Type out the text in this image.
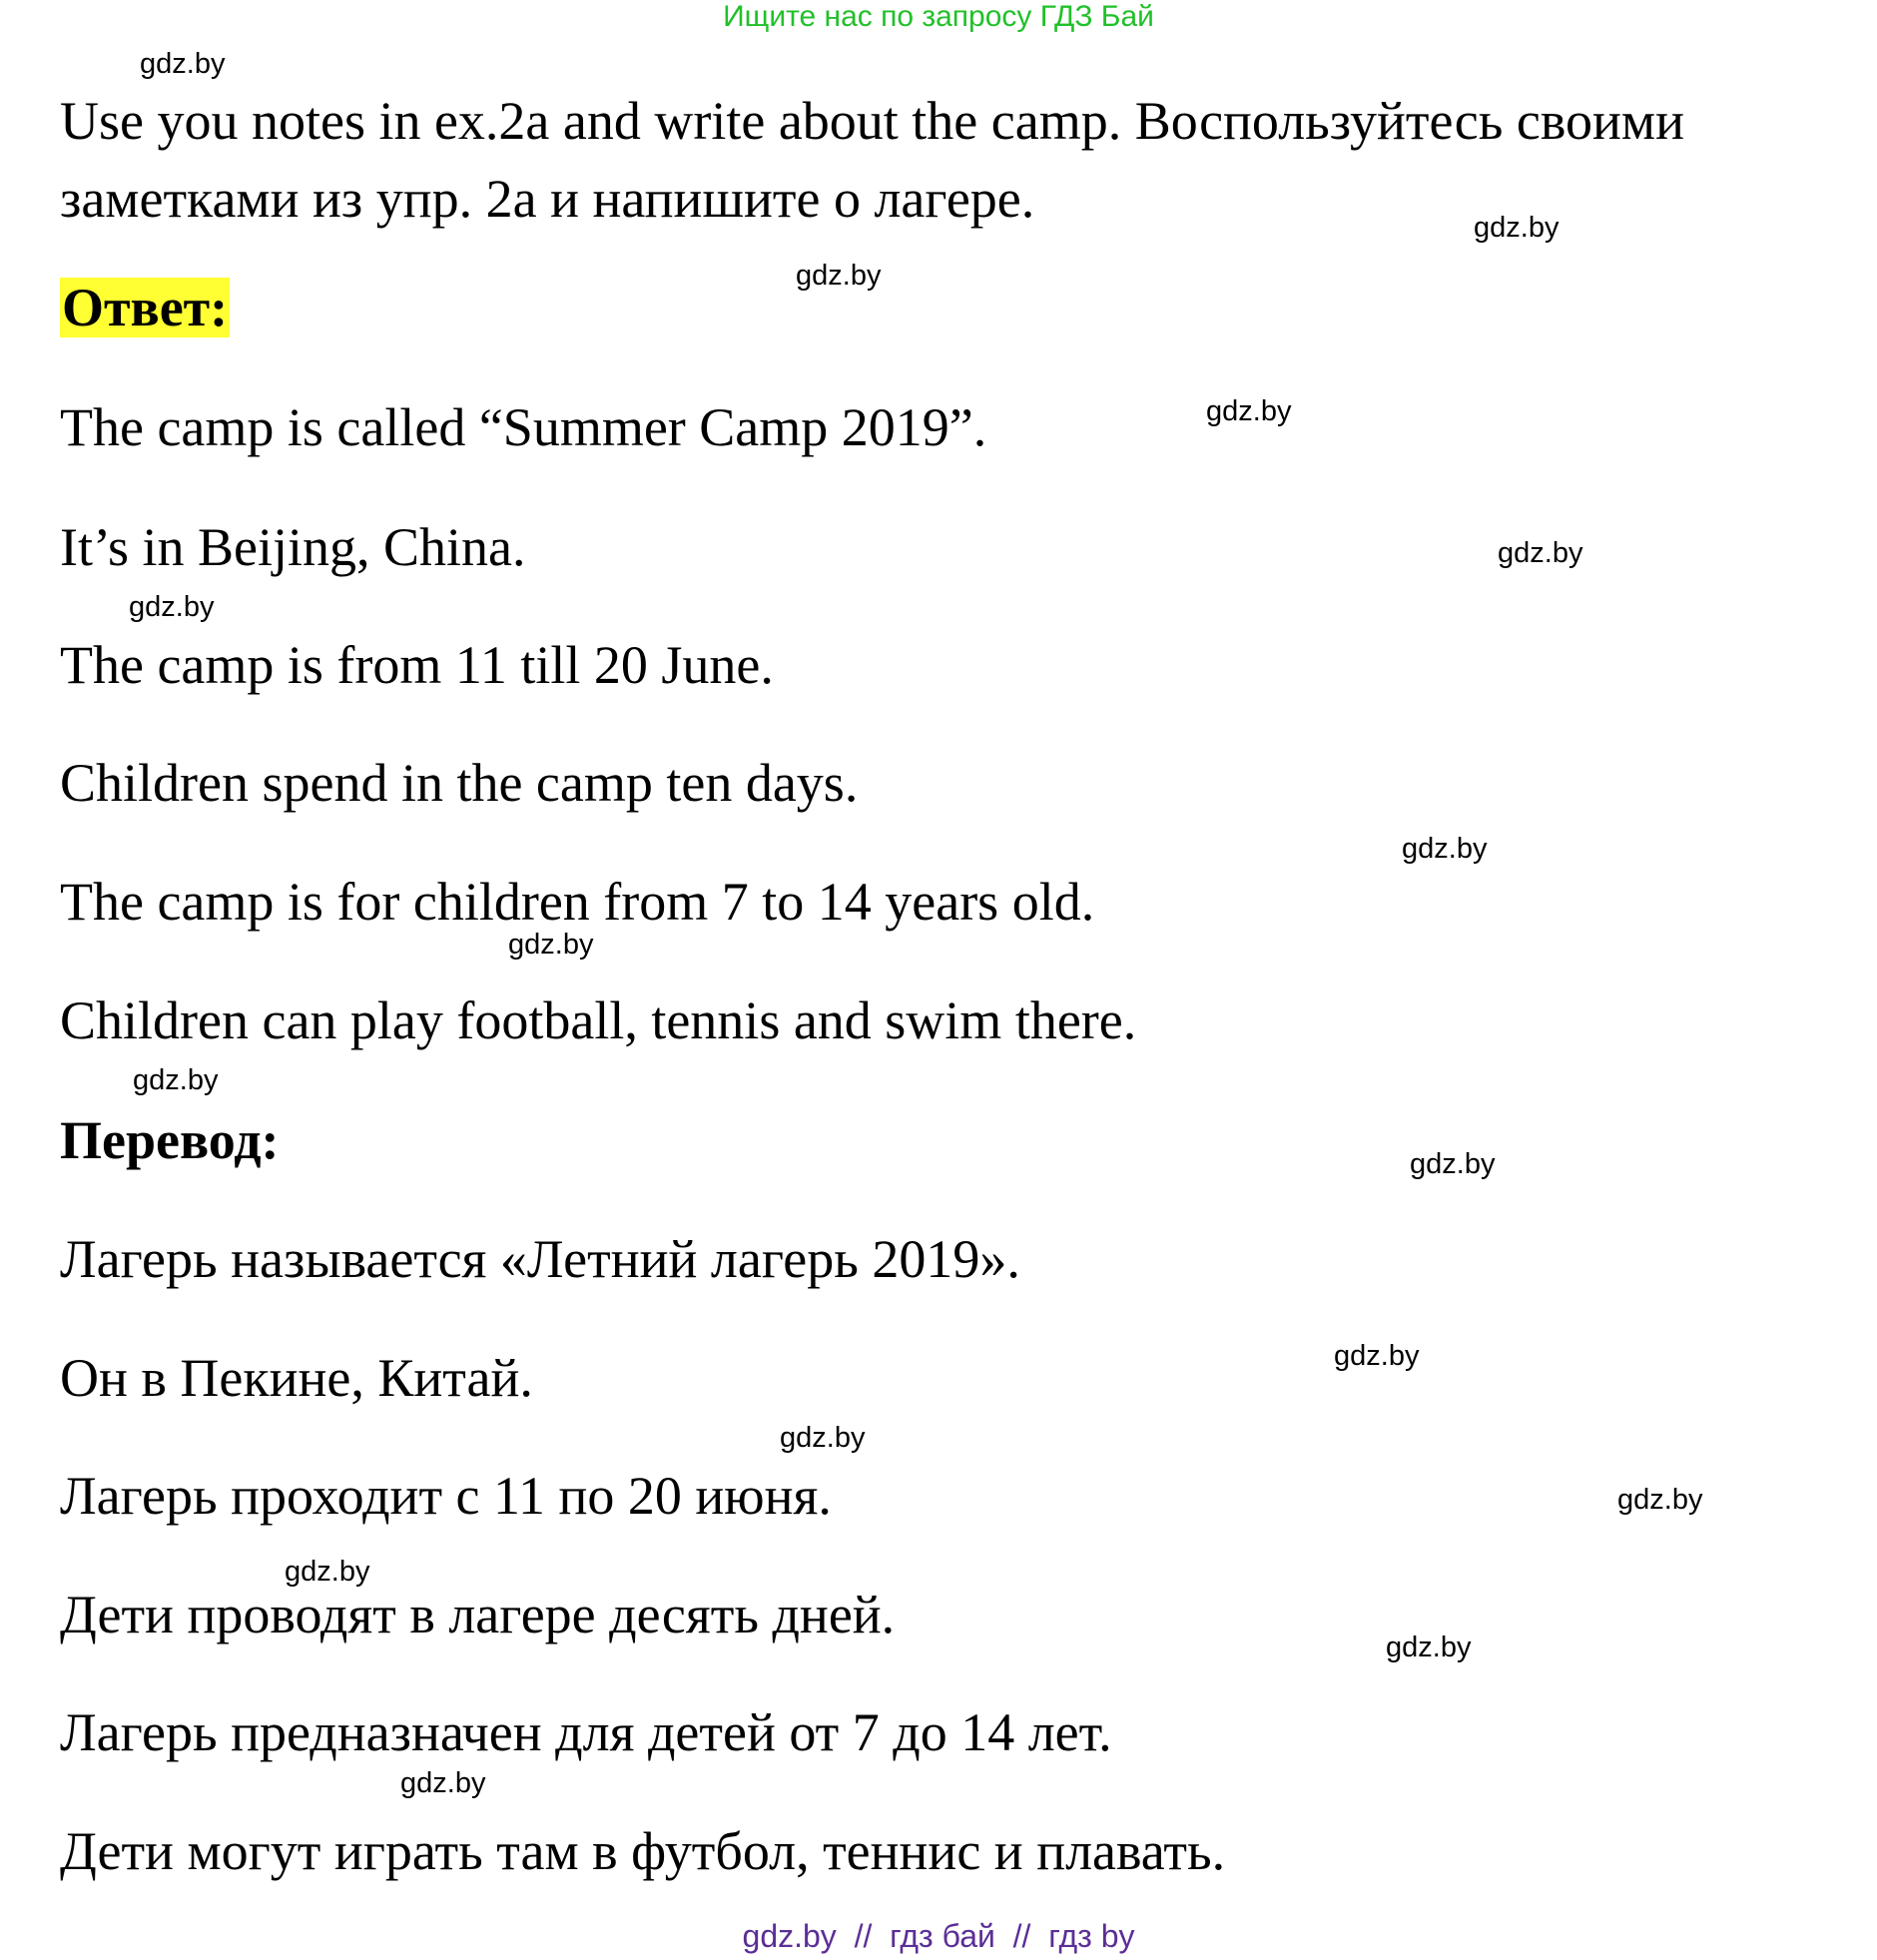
Ищите нас по запросу ГДЗ Бай

Use you notes in ex.2a and write about the camp. Воспользуйтесь своими заметками из упр. 2a и напишите о лагере.

Ответ:

The camp is called “Summer Camp 2019”.

It’s in Beijing, China.

The camp is from 11 till 20 June.

Children spend in the camp ten days.

The camp is for children from 7 to 14 years old.

Children can play football, tennis and swim there.

Перевод:

Лагерь называется «Летний лагерь 2019».

Он в Пекине, Китай.

Лагерь проходит с 11 по 20 июня.

Дети проводят в лагере десять дней.

Лагерь предназначен для детей от 7 до 14 лет.

Дети могут играть там в футбол, теннис и плавать.

gdz.by
gdz.by
gdz.by
gdz.by
gdz.by
gdz.by
gdz.by
gdz.by
gdz.by
gdz.by
gdz.by
gdz.by
gdz.by
gdz.by
gdz.by
gdz.by
gdz.by  //  гдз бай  //  гдз by
